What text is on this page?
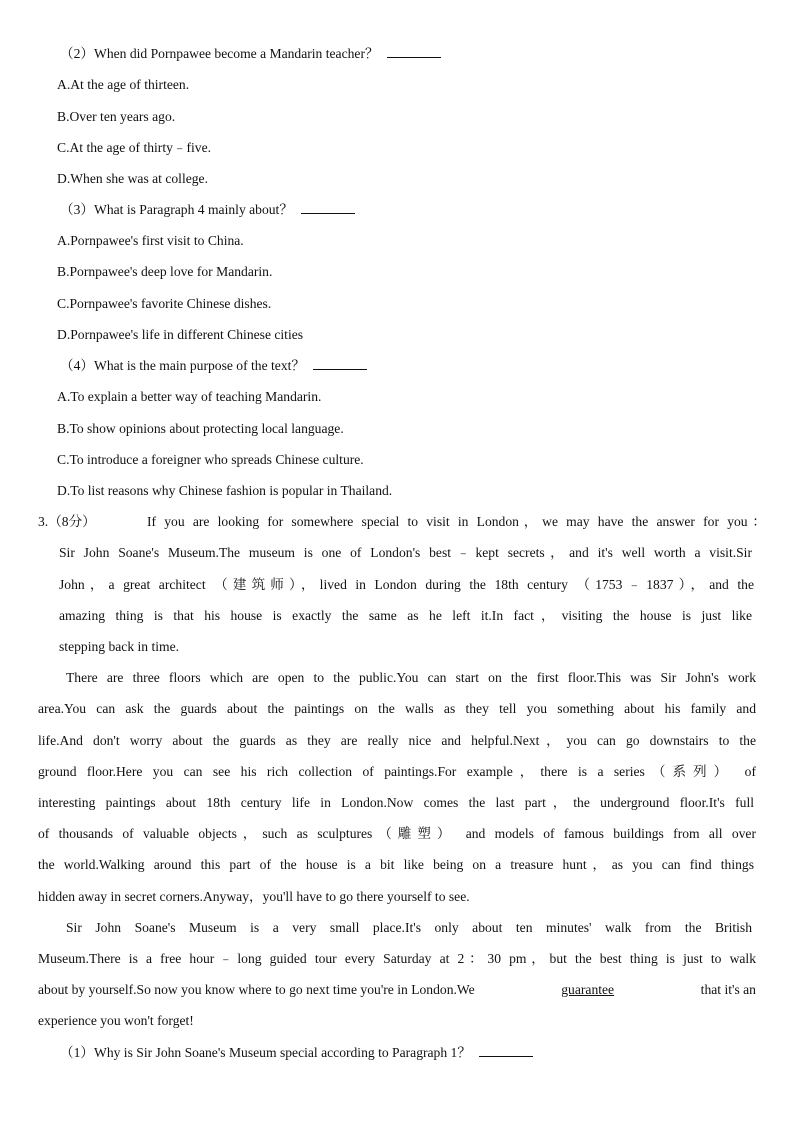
（2）When did Pornpawee become a Mandarin teacher？
A.At the age of thirteen.
B.Over ten years ago.
C.At the age of thirty﹣five.
D.When she was at college.
（3）What is Paragraph 4 mainly about？
A.Pornpawee's first visit to China.
B.Pornpawee's deep love for Mandarin.
C.Pornpawee's favorite Chinese dishes.
D.Pornpawee's life in different Chinese cities
（4）What is the main purpose of the text？
A.To explain a better way of teaching Mandarin.
B.To show opinions about protecting local language.
C.To introduce a foreigner who spreads Chinese culture.
D.To list reasons why Chinese fashion is popular in Thailand.
3.（8分）	If you are looking for somewhere special to visit in London，we may have the answer for you：
Sir John Soane's Museum.The museum is one of London's best﹣kept secrets，and it's well worth a visit.Sir
John，a great architect （建筑师），lived in London during the 18th century （1753﹣1837），and the
amazing thing is that his house is exactly the same as he left it.In fact，visiting the house is just like
stepping back in time.
There are three floors which are open to the public.You can start on the first floor.This was Sir John's work
area.You can ask the guards about the paintings on the walls as they tell you something about his family and
life.And don't worry about the guards as they are really nice and helpful.Next，you can go downstairs to the
ground floor.Here you can see his rich collection of paintings.For example，there is a series（系列） of
interesting paintings about 18th century life in London.Now comes the last part，the underground floor.It's full
of thousands of valuable objects，such as sculptures（雕塑） and models of famous buildings from all over
the world.Walking around this part of the house is a bit like being on a treasure hunt，as you can find things
hidden away in secret corners.Anyway，you'll have to go there yourself to see.
Sir John Soane's Museum is a very small place.It's only about ten minutes' walk from the British
Museum.There is a free hour﹣long guided tour every Saturday at 2：30 pm，but the best thing is just to walk
about by yourself.So now you know where to go next time you're in London.We	guarantee	that it's an
experience you won't forget!
（1）Why is Sir John Soane's Museum special according to Paragraph 1？
